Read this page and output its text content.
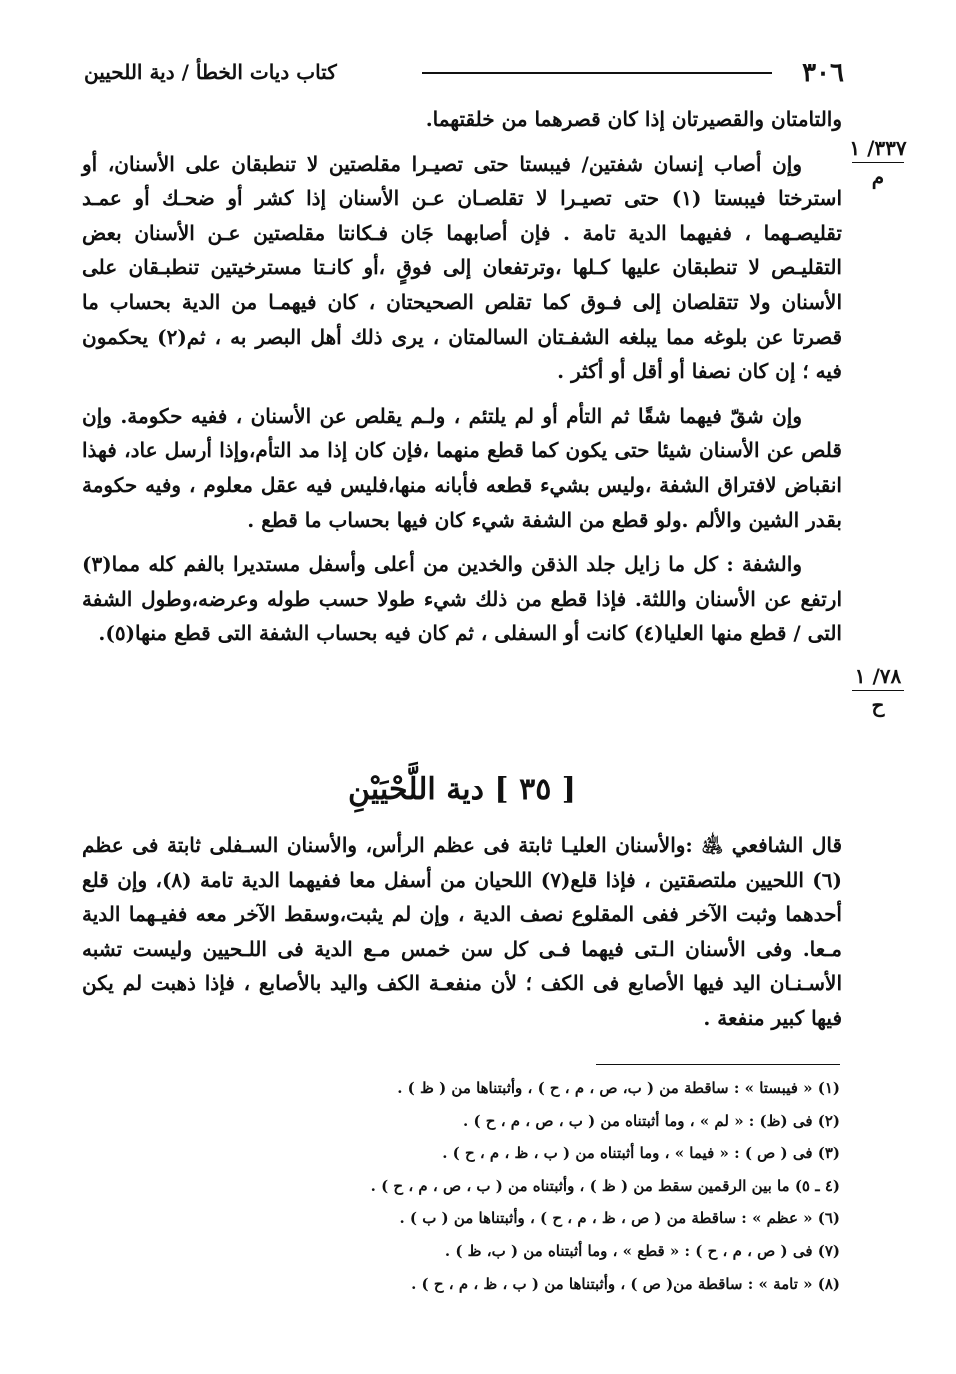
٣٠٦
كتاب ديات الخطأ / دية اللحيين
٣٣٧/ ١
م
٧٨/ ١
ح

والتامتان والقصيرتان إذا كان قصرهما من خلقتهما.

وإن أصاب إنسان شفتين/ فيبستا حتى تصيـرا مقلصتين لا تنطبقان على الأسنان، أو استرختا فيبستا (١) حتى تصيـرا لا تقلصـان عـن الأسنان إذا كشر أو ضحـك أو عمـد تقليصـهما ، ففيهما الدية تامة . فإن أصابهما جَان فـكانتا مقلصتين عـن الأسنان بعض التقليـص لا تنطبقان عليها كـلها ،وترتفعان إلى فوقٍ ،أو كانـتا مسترخيتين تنطبـقان على الأسنان ولا تتقلصان إلى فـوق كما تقلص الصحيحتان ، كان فيهمـا من الدية بحساب ما قصرتا عن بلوغه مما يبلغه الشفـتان السالمتان ، يرى ذلك أهل البصر به ، ثم(٢) يحكمون فيه ؛ إن كان نصفا أو أقل أو أكثر .

وإن شقّ فيهما شقًا ثم التأم أو لم يلتئم ، ولـم يقلص عن الأسنان ، ففيه حكومة. وإن قلص عن الأسنان شيئا حتى يكون كما قطع منهما ،فإن كان إذا مد التأم،وإذا أرسل عاد، فهذا انقباض لافتراق الشفة ،وليس بشيء قطعه فأبانه منها،فليس فيه عقل معلوم ، وفيه حكومة بقدر الشين والألم .ولو قطع من الشفة شيء كان فيها بحساب ما قطع .

والشفة : كل ما زايل جلد الذقن والخدين من أعلى وأسفل مستديرا بالفم كله مما(٣) ارتفع عن الأسنان واللثة. فإذا قطع من ذلك شيء طولا حسب طوله وعرضه،وطول الشفة التى / قطع منها العليا(٤) كانت أو السفلى ، ثم كان فيه بحساب الشفة التى قطع منها(٥).

[ ٣٥ ] دية اللَّحْيَيْنِ

قال الشافعي ﵁ :والأسنان العليـا ثابتة فى عظم الرأس، والأسنان السـفلى ثابتة فى عظم (٦) اللحيين ملتصقتين ، فإذا قلع(٧) اللحيان من أسفل معا ففيهما الدية تامة (٨)، وإن قلع أحدهما وثبت الآخر ففى المقلوع نصف الدية ، وإن لم يثبت،وسقط الآخر معه ففيـهما الدية مـعا. وفى الأسنان الـتى فيهما فـى كل سن خمس مـع الدية فى اللـحيين وليست تشبه الأسـنـان اليد فيها الأصابع فى الكف ؛ لأن منفعـة الكف واليد بالأصابع ، فإذا ذهبت لم يكن فيها كبير منفعة .

(١) « فيبستا » : ساقطة من ( ب، ص ، م ، ح ) ، وأثبتناها من ( ظ ) .
(٢) فى (ظ) : « لم » ، وما أثبتناه من ( ب ، ص ، م ، ح ) .
(٣) فى ( ص ) : « فيما » ، وما أثبتناه من ( ب ، ظ ، م ، ح ) .
(٤ ـ ٥) ما بين الرقمين سقط من ( ظ ) ، وأثبتناه من ( ب ، ص ، م ، ح ) .
(٦) « عظم » : ساقطة من ( ص ، ظ ، م ، ح ) ، وأثبتناها من ( ب ) .
(٧) فى ( ص ، م ، ح ) : « قطع » ، وما أثبتناه من ( ب، ظ ) .
(٨) « تامة » : ساقطة من( ص ) ، وأثبتناها من ( ب ، ظ ، م ، ح ) .
